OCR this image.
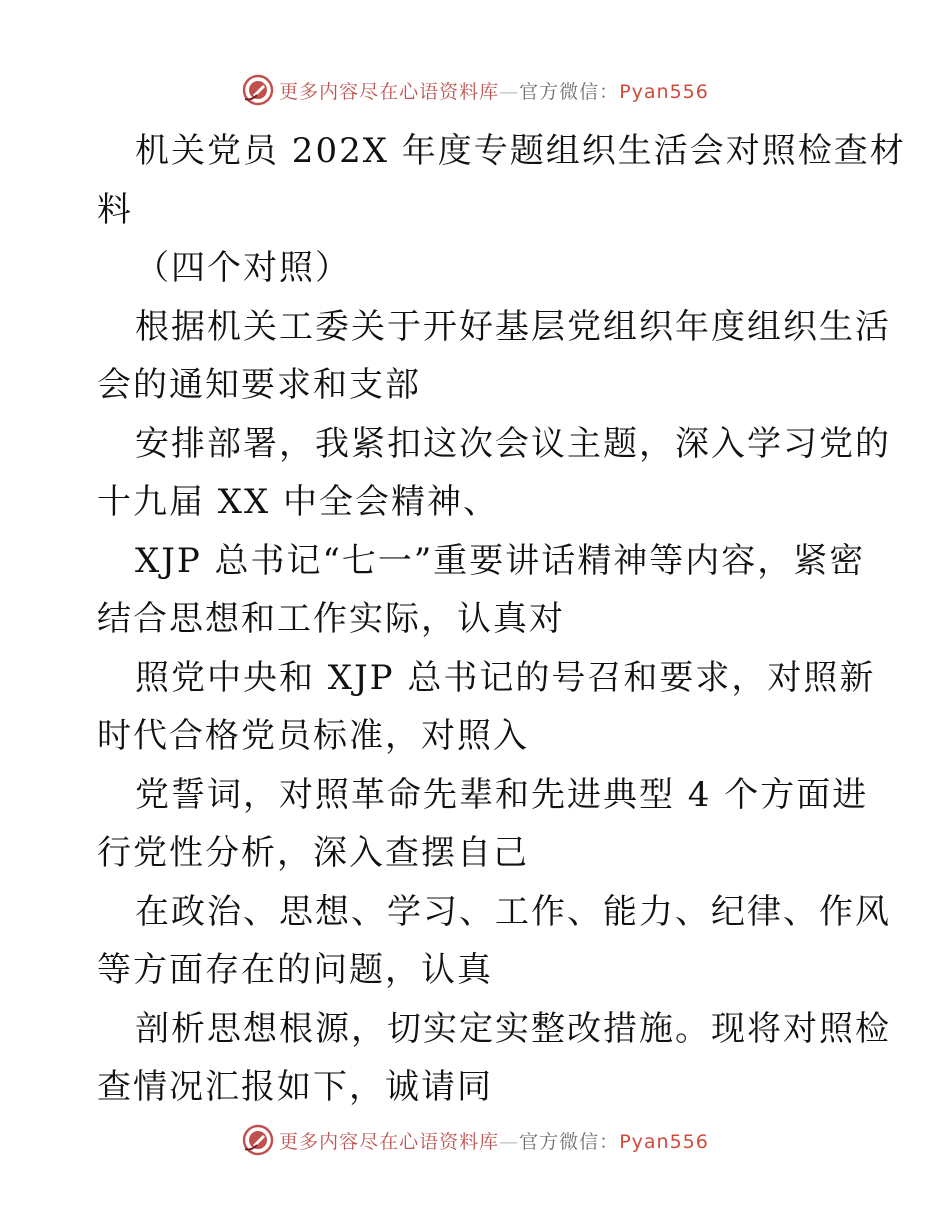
更多内容尽在心语资料库—官方微信：Pyan556
机关党员 202X 年度专题组织生活会对照检查材
料
（四个对照）
根据机关工委关于开好基层党组织年度组织生活
会的通知要求和支部
安排部署，我紧扣这次会议主题，深入学习党的
十九届 XX 中全会精神、
XJP 总书记“七一”重要讲话精神等内容，紧密
结合思想和工作实际，认真对
照党中央和 XJP 总书记的号召和要求，对照新
时代合格党员标准，对照入
党誓词，对照革命先辈和先进典型 4 个方面进
行党性分析，深入查摆自己
在政治、思想、学习、工作、能力、纪律、作风
等方面存在的问题，认真
剖析思想根源，切实定实整改措施。现将对照检
查情况汇报如下，诚请同
更多内容尽在心语资料库—官方微信：Pyan556
